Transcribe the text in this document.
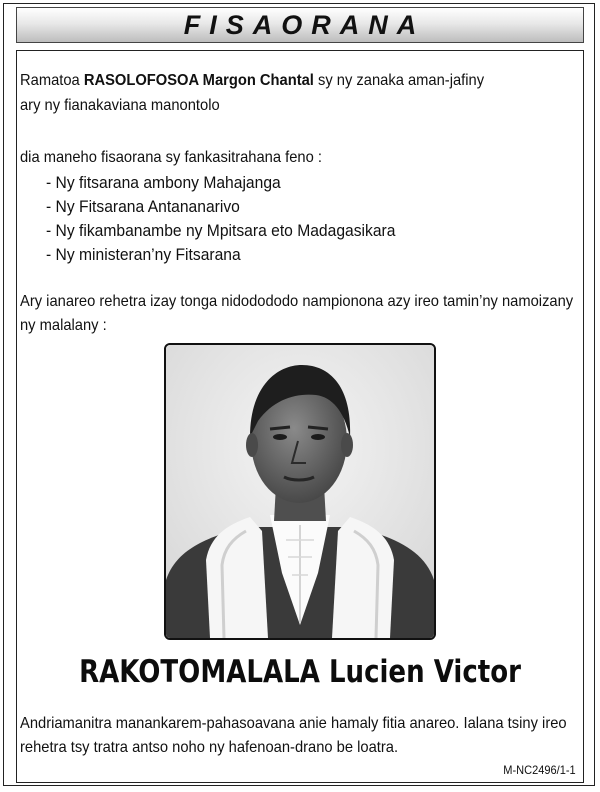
FISAORANA
Ramatoa RASOLOFOSOA Margon Chantal sy ny zanaka aman-jafiny
ary ny fianakaviana manontolo
dia maneho fisaorana sy fankasitrahana feno :
- Ny fitsarana ambony Mahajanga
- Ny Fitsarana Antananarivo
- Ny fikambanambe ny Mpitsara eto Madagasikara
- Ny ministeran’ny Fitsarana
Ary ianareo rehetra izay tonga nidodododo nampionona azy ireo tamin’ny namoizany
ny malalany :
RAKOTOMALALA Lucien Victor
Andriamanitra manankarem-pahasoavana anie hamaly fitia anareo. Ialana tsiny ireo
rehetra tsy tratra antso noho ny hafenoan-drano be loatra.
M-NC2496/1-1
